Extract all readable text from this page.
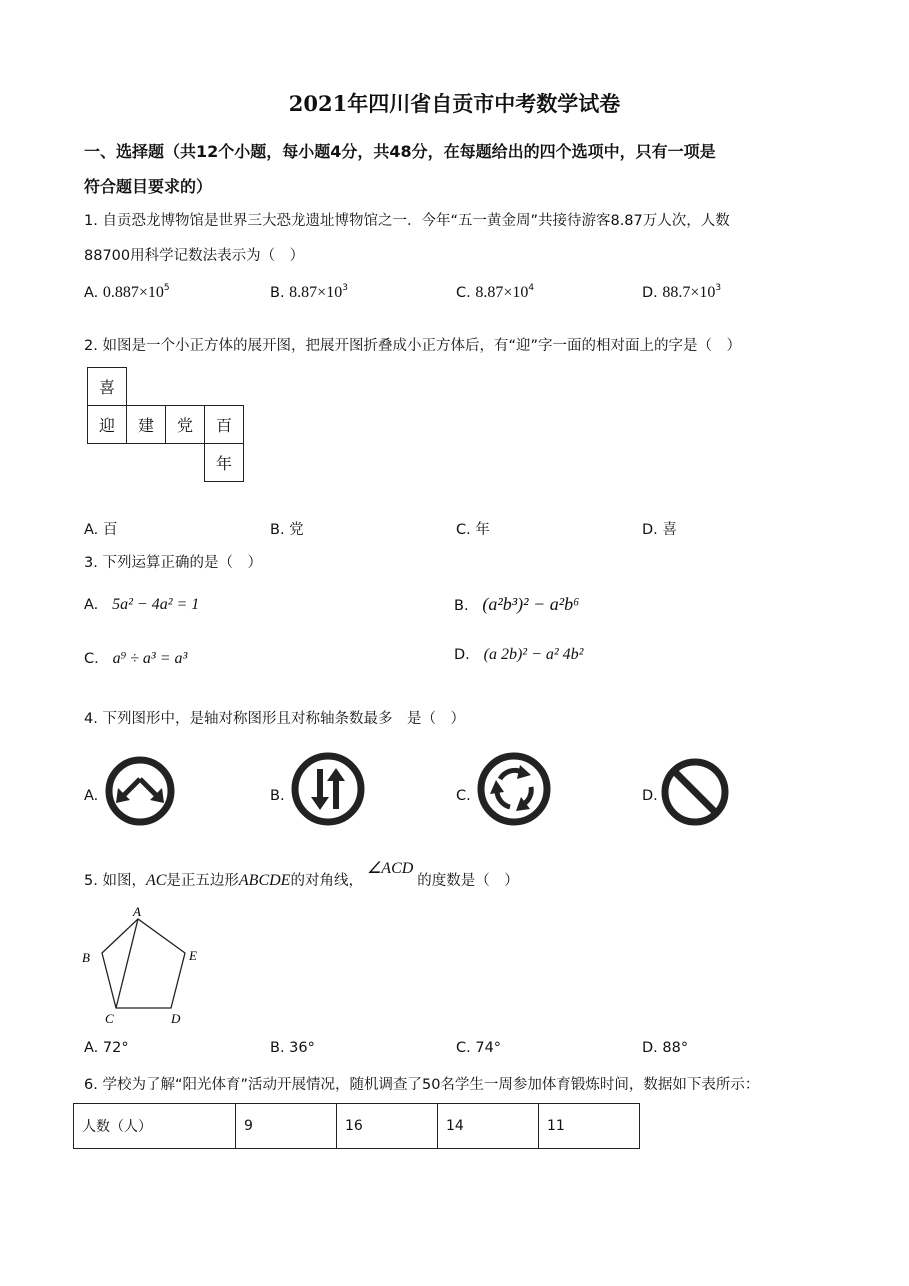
2021年四川省自贡市中考数学试卷
一、选择题（共12个小题，每小题4分，共48分，在每题给出的四个选项中，只有一项是
符合题目要求的）
1. 自贡恐龙博物馆是世界三大恐龙遗址博物馆之一．今年“五一黄金周”共接待游客8.87万人次，人数
88700用科学记数法表示为（　）
A. $0.887\times 10^5$	B. $8.87\times 10^3$	C. $8.87\times 10^4$	D. $88.7\times 10^3$
2. 如图是一个小正方体的展开图，把展开图折叠成小正方体后，有“迎”字一面的相对面上的字是（　）
喜			
迎	建	党	百
			年
A. 百	B. 党	C. 年	D. 喜
3. 下列运算正确的是（　）
A. 5a² − 4a² = 1	B. (a²b³)² − a²b⁶
C. a⁹ ÷ a³ = a³	D. (a 2b)² − a² 4b²
4. 下列图形中，是轴对称图形且对称轴条数最多　是（　）
A.	B.	C.	D.
5. 如图，AC是正五边形ABCDE的对角线，∠ACD的度数是（　）
A
B
C	D
E
A. 72°	B. 36°	C. 74°	D. 88°
6. 学校为了解“阳光体育”活动开展情况，随机调查了50名学生一周参加体育锻炼时间，数据如下表所示：
人数（人）	9	16	14	11
